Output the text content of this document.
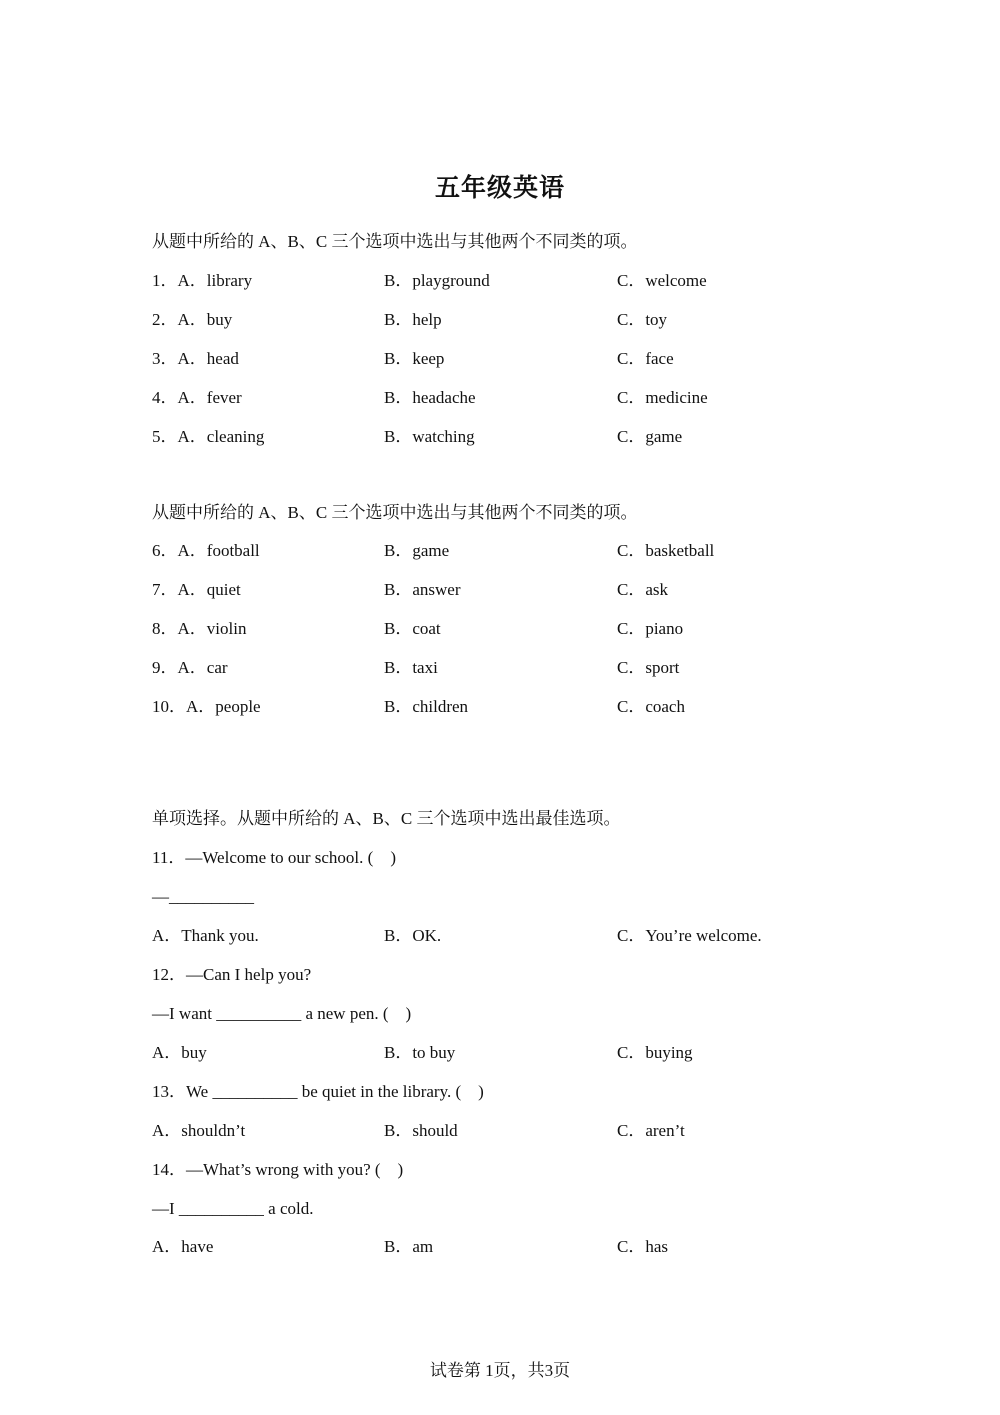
五年级英语
从题中所给的 A、B、C 三个选项中选出与其他两个不同类的项。
1．A．library	B．playground	C．welcome
2．A．buy	B．help	C．toy
3．A．head	B．keep	C．face
4．A．fever	B．headache	C．medicine
5．A．cleaning	B．watching	C．game
从题中所给的 A、B、C 三个选项中选出与其他两个不同类的项。
6．A．football	B．game	C．basketball
7．A．quiet	B．answer	C．ask
8．A．violin	B．coat	C．piano
9．A．car	B．taxi	C．sport
10．A．people	B．children	C．coach
单项选择。从题中所给的 A、B、C 三个选项中选出最佳选项。
11．—Welcome to our school. (    )
—__________
A．Thank you.	B．OK.	C．You’re welcome.
12．—Can I help you?
—I want __________ a new pen. (    )
A．buy	B．to buy	C．buying
13．We __________ be quiet in the library. (    )
A．shouldn’t	B．should	C．aren’t
14．—What’s wrong with you? (    )
—I __________ a cold.
A．have	B．am	C．has
试卷第 1页，共3页
